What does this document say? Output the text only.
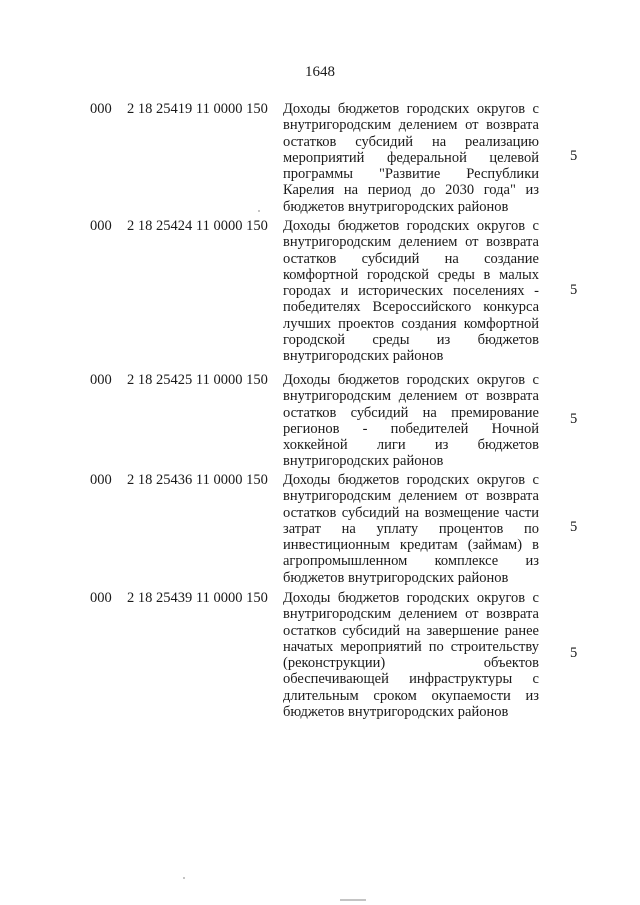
1648
000 2 18 25419 11 0000 150 Доходы бюджетов городских округов с
внутригородским делением от возврата
остатков субсидий на реализацию
мероприятий федеральной целевой
программы "Развитие Республики
Карелия на период до 2030 года" из
бюджетов внутригородских районов
5
000 2 18 25424 11 0000 150 Доходы бюджетов городских округов с
внутригородским делением от возврата
остатков субсидий на создание
комфортной городской среды в малых
городах и исторических поселениях -
победителях Всероссийского конкурса
лучших проектов создания комфортной
городской среды из бюджетов
внутригородских районов
5
000 2 18 25425 11 0000 150 Доходы бюджетов городских округов с
внутригородским делением от возврата
остатков субсидий на премирование
регионов - победителей Ночной
хоккейной лиги из бюджетов
внутригородских районов
5
000 2 18 25436 11 0000 150 Доходы бюджетов городских округов с
внутригородским делением от возврата
остатков субсидий на возмещение части
затрат на уплату процентов по
инвестиционным кредитам (займам) в
агропромышленном комплексе из
бюджетов внутригородских районов
5
000 2 18 25439 11 0000 150 Доходы бюджетов городских округов с
внутригородским делением от возврата
остатков субсидий на завершение ранее
начатых мероприятий по строительству
(реконструкции) объектов
обеспечивающей инфраструктуры с
длительным сроком окупаемости из
бюджетов внутригородских районов
5
